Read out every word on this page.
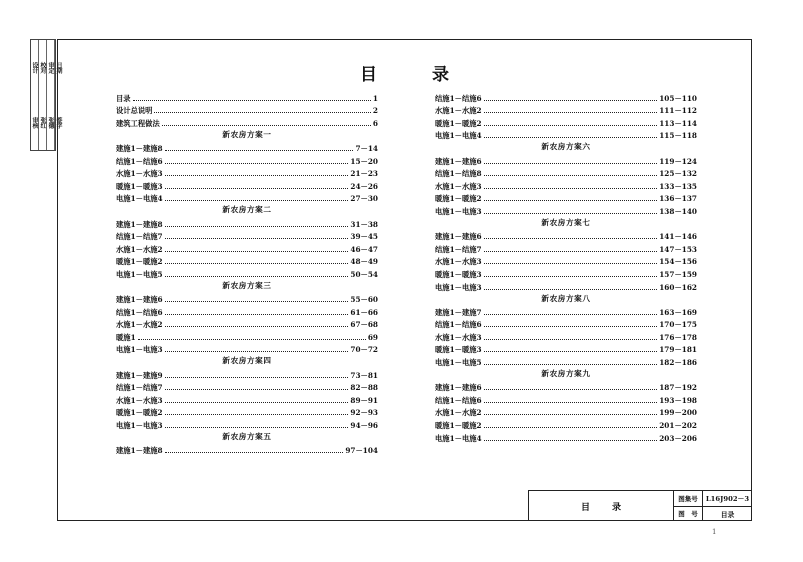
设计
审核
校对
张红
审定
张德
日期
签字
目	录
目录	1
设计总说明	2
建筑工程做法	6
新农房方案一
建施1－建施8	7－14
结施1－结施6	15－20
水施1－水施3	21－23
暖施1－暖施3	24－26
电施1－电施4	27－30
新农房方案二
建施1－建施8	31－38
结施1－结施7	39－45
水施1－水施2	46－47
暖施1－暖施2	48－49
电施1－电施5	50－54
新农房方案三
建施1－建施6	55－60
结施1－结施6	61－66
水施1－水施2	67－68
暖施1	69
电施1－电施3	70－72
新农房方案四
建施1－建施9	73－81
结施1－结施7	82－88
水施1－水施3	89－91
暖施1－暖施2	92－93
电施1－电施3	94－96
新农房方案五
建施1－建施8	97－104
结施1－结施6	105－110
水施1－水施2	111－112
暖施1－暖施2	113－114
电施1－电施4	115－118
新农房方案六
建施1－建施6	119－124
结施1－结施8	125－132
水施1－水施3	133－135
暖施1－暖施2	136－137
电施1－电施3	138－140
新农房方案七
建施1－建施6	141－146
结施1－结施7	147－153
水施1－水施3	154－156
暖施1－暖施3	157－159
电施1－电施3	160－162
新农房方案八
建施1－建施7	163－169
结施1－结施6	170－175
水施1－水施3	176－178
暖施1－暖施3	179－181
电施1－电施5	182－186
新农房方案九
建施1－建施6	187－192
结施1－结施6	193－198
水施1－水施2	199－200
暖施1－暖施2	201－202
电施1－电施4	203－206
目 录
图集号	L16J902－3
图　号	目录
1
